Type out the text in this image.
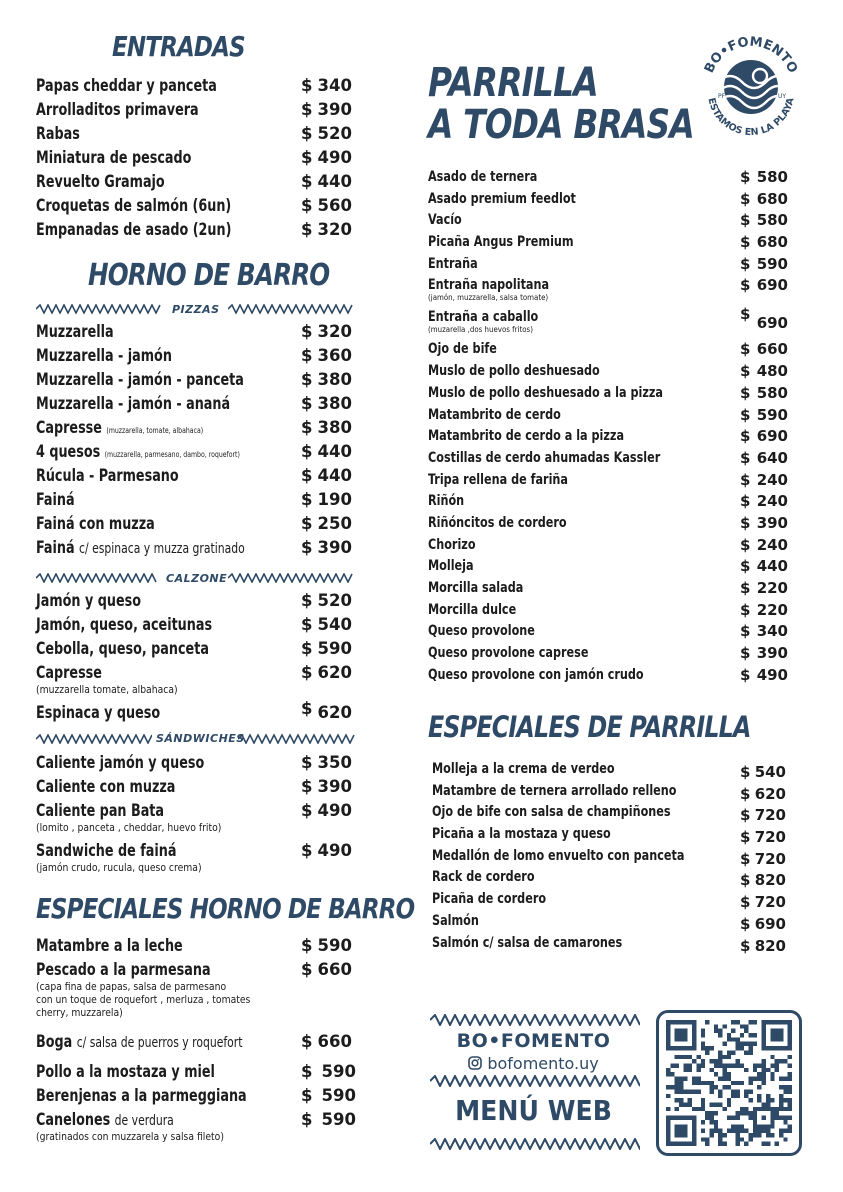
ENTRADAS
Papas cheddar y panceta	$ 340
Arrolladitos primavera	$ 390
Rabas	$ 520
Miniatura de pescado	$ 490
Revuelto Gramajo	$ 440
Croquetas de salmón (6un)	$ 560
Empanadas de asado (2un)	$ 320
HORNO DE BARRO
PIZZAS
Muzzarella	$ 320
Muzzarella - jamón	$ 360
Muzzarella - jamón - panceta	$ 380
Muzzarella - jamón - ananá	$ 380
Capresse (muzzarella, tomate, albahaca)	$ 380
4 quesos (muzzarella, parmesano, dambo, roquefort)	$ 440
Rúcula - Parmesano	$ 440
Fainá	$ 190
Fainá con muzza	$ 250
Fainá c/ espinaca y muzza gratinado	$ 390
CALZONE
Jamón y queso	$ 520
Jamón, queso, aceitunas	$ 540
Cebolla, queso, panceta	$ 590
Capresse	$ 620
(muzzarella tomate, albahaca)
Espinaca y queso	$ 620
SÁNDWICHES
Caliente jamón y queso	$ 350
Caliente con muzza	$ 390
Caliente pan Bata	$ 490
(lomito , panceta , cheddar, huevo frito)
Sandwiche de fainá	$ 490
(jamón crudo, rucula, queso crema)
ESPECIALES HORNO DE BARRO
Matambre a la leche	$ 590
Pescado a la parmesana	$ 660
(capa fina de papas, salsa de parmesano
con un toque de roquefort , merluza , tomates
cherry, muzzarela)
Boga c/ salsa de puerros y roquefort	$ 660
Pollo a la mostaza y miel	$ 590
Berenjenas a la parmeggiana	$ 590
Canelones de verdura	$ 590
(gratinados con muzzarela y salsa fileto)
PARRILLA
A TODA BRASA
BO•FOMENTO
ESTAMOS EN LA PLAYA
PF	UY
Asado de ternera	$ 580
Asado premium feedlot	$ 680
Vacío	$ 580
Picaña Angus Premium	$ 680
Entraña	$ 590
Entraña napolitana	$ 690
(jamón, muzzarella, salsa tomate)
Entraña a caballo	$ 690
(muzarella ,dos huevos fritos)
Ojo de bife	$ 660
Muslo de pollo deshuesado	$ 480
Muslo de pollo deshuesado a la pizza	$ 580
Matambrito de cerdo	$ 590
Matambrito de cerdo a la pizza	$ 690
Costillas de cerdo ahumadas Kassler	$ 640
Tripa rellena de fariña	$ 240
Riñón	$ 240
Riñóncitos de cordero	$ 390
Chorizo	$ 240
Molleja	$ 440
Morcilla salada	$ 220
Morcilla dulce	$ 220
Queso provolone	$ 340
Queso provolone caprese	$ 390
Queso provolone con jamón crudo	$ 490
ESPECIALES DE PARRILLA
Molleja a la crema de verdeo	$ 540
Matambre de ternera arrollado relleno	$ 620
Ojo de bife con salsa de champiñones	$ 720
Picaña a la mostaza y queso	$ 720
Medallón de lomo envuelto con panceta	$ 720
Rack de cordero	$ 820
Picaña de cordero	$ 720
Salmón	$ 690
Salmón c/ salsa de camarones	$ 820
BO•FOMENTO
bofomento.uy
MENÚ WEB
